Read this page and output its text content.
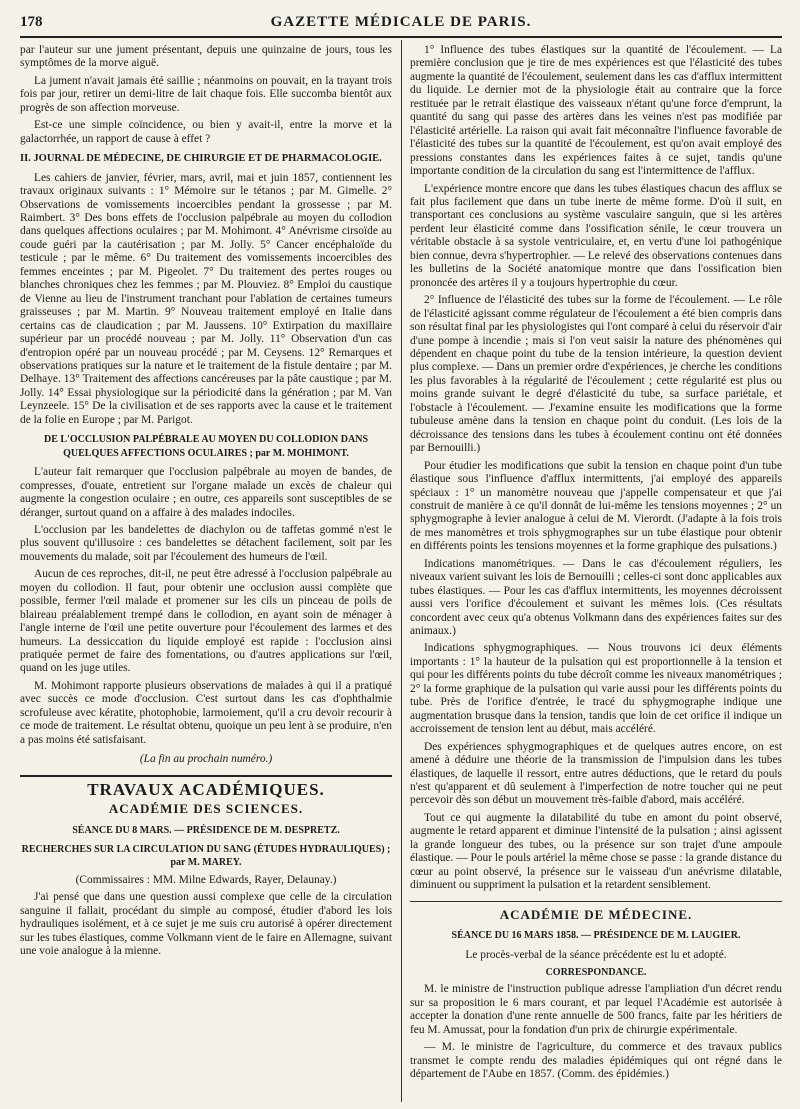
178	GAZETTE MÉDICALE DE PARIS.

par l'auteur sur une jument présentant, depuis une quinzaine de jours, tous les symptômes de la morve aiguë.

La jument n'avait jamais été saillie ; néanmoins on pouvait, en la trayant trois fois par jour, retirer un demi-litre de lait chaque fois. Elle succomba bientôt aux progrès de son affection morveuse.

Est-ce une simple coïncidence, ou bien y avait-il, entre la morve et la galactorrhée, un rapport de cause à effet ?

II. JOURNAL DE MÉDECINE, DE CHIRURGIE ET DE PHARMACOLOGIE.

Les cahiers de janvier, février, mars, avril, mai et juin 1857, contiennent les travaux originaux suivants : 1° Mémoire sur le tétanos ; par M. Gimelle. 2° Observations de vomissements incoercibles pendant la grossesse ; par M. Raimbert. 3° Des bons effets de l'occlusion palpébrale au moyen du collodion dans quelques affections oculaires ; par M. Mohimont. 4° Anévrisme cirsoïde au coude guéri par la cautérisation ; par M. Jolly. 5° Cancer encéphaloïde du testicule ; par le même. 6° Du traitement des vomissements incoercibles des femmes enceintes ; par M. Pigeolet. 7° Du traitement des pertes rouges ou blanches chroniques chez les femmes ; par M. Plouviez. 8° Emploi du caustique de Vienne au lieu de l'instrument tranchant pour l'ablation de certaines tumeurs graisseuses ; par M. Martin. 9° Nouveau traitement employé en Italie dans certains cas de claudication ; par M. Jaussens. 10° Extirpation du maxillaire supérieur par un procédé nouveau ; par M. Jolly. 11° Observation d'un cas d'entropion opéré par un nouveau procédé ; par M. Ceysens. 12° Remarques et observations pratiques sur la nature et le traitement de la fistule dentaire ; par M. Delhaye. 13° Traitement des affections cancéreuses par la pâte caustique ; par M. Jolly. 14° Essai physiologique sur la périodicité dans la génération ; par M. Van Leynzeele. 15° De la civilisation et de ses rapports avec la cause et le traitement de la folie en Europe ; par M. Parigot.

DE L'OCCLUSION PALPÉBRALE AU MOYEN DU COLLODION DANS QUELQUES AFFECTIONS OCULAIRES ; par M. MOHIMONT.

L'auteur fait remarquer que l'occlusion palpébrale au moyen de bandes, de compresses, d'ouate, entretient sur l'organe malade un excès de chaleur qui augmente la congestion oculaire ; en outre, ces appareils sont susceptibles de se déranger, surtout quand on a affaire à des malades indociles.

L'occlusion par les bandelettes de diachylon ou de taffetas gommé n'est le plus souvent qu'illusoire : ces bandelettes se détachent facilement, soit par les mouvements du malade, soit par l'écoulement des humeurs de l'œil.

Aucun de ces reproches, dit-il, ne peut être adressé à l'occlusion palpébrale au moyen du collodion. Il faut, pour obtenir une occlusion aussi complète que possible, fermer l'œil malade et promener sur les cils un pinceau de poils de blaireau préalablement trempé dans le collodion, en ayant soin de ménager à l'angle interne de l'œil une petite ouverture pour l'écoulement des larmes et des humeurs. La dessiccation du liquide employé est rapide : l'occlusion ainsi pratiquée permet de faire des fomentations, ou d'autres applications sur l'œil, quand on les juge utiles.

M. Mohimont rapporte plusieurs observations de malades à qui il a pratiqué avec succès ce mode d'occlusion. C'est surtout dans les cas d'ophthalmie scrofuleuse avec kératite, photophobie, larmoiement, qu'il a cru devoir recourir à ce mode de traitement. Le résultat obtenu, quoique un peu lent à se produire, n'en a pas moins été satisfaisant.

(La fin au prochain numéro.)
TRAVAUX ACADÉMIQUES.
ACADÉMIE DES SCIENCES.
SÉANCE DU 8 MARS. — PRÉSIDENCE DE M. DESPRETZ.
RECHERCHES SUR LA CIRCULATION DU SANG (ÉTUDES HYDRAULIQUES) ; par M. MAREY.
(Commissaires : MM. Milne Edwards, Rayer, Delaunay.)

J'ai pensé que dans une question aussi complexe que celle de la circulation sanguine il fallait, procédant du simple au composé, étudier d'abord les lois hydrauliques isolément, et à ce sujet je me suis cru autorisé à opérer directement sur les tubes élastiques, comme Volkmann vient de le faire en Allemagne, suivant une voie analogue à la mienne.

1° Influence des tubes élastiques sur la quantité de l'écoulement. — La première conclusion que je tire de mes expériences est que l'élasticité des tubes augmente la quantité de l'écoulement, seulement dans les cas d'afflux intermittent du liquide. Le dernier mot de la physiologie était au contraire que la force restituée par le retrait élastique des vaisseaux n'étant qu'une force d'emprunt, la quantité du sang qui passe des artères dans les veines n'est pas modifiée par l'élasticité artérielle. La raison qui avait fait méconnaître l'influence favorable de l'élasticité des tubes sur la quantité de l'écoulement, est qu'on avait employé des pressions constantes dans les expériences faites à ce sujet, tandis qu'une importante condition de la circulation du sang est l'intermittence de l'afflux.

L'expérience montre encore que dans les tubes élastiques chacun des afflux se fait plus facilement que dans un tube inerte de même forme. D'où il suit, en transportant ces conclusions au système vasculaire sanguin, que si les artères perdent leur élasticité comme dans l'ossification sénile, le cœur trouvera un véritable obstacle à sa systole ventriculaire, et, en vertu d'une loi pathogénique bien connue, devra s'hypertrophier. — Le relevé des observations contenues dans les bulletins de la Société anatomique montre que dans l'ossification bien prononcée des artères il y a toujours hypertrophie du cœur.

2° Influence de l'élasticité des tubes sur la forme de l'écoulement. — Le rôle de l'élasticité agissant comme régulateur de l'écoulement a été bien compris dans son résultat final par les physiologistes qui l'ont comparé à celui du réservoir d'air d'une pompe à incendie ; mais si l'on veut saisir la nature des phénomènes qui dépendent en chaque point du tube de la tension intérieure, la question devient plus complexe. — Dans un premier ordre d'expériences, je cherche les conditions les plus favorables à la régularité de l'écoulement ; cette régularité est plus ou moins grande suivant le degré d'élasticité du tube, sa surface pariétale, et l'obstacle à l'écoulement. — J'examine ensuite les modifications que la forme tubuleuse amène dans la tension en chaque point du conduit. (Les lois de la décroissance des tensions dans les tubes à écoulement continu ont été données par Bernouilli.)

Pour étudier les modifications que subit la tension en chaque point d'un tube élastique sous l'influence d'afflux intermittents, j'ai employé des appareils spéciaux : 1° un manomètre nouveau que j'appelle compensateur et que j'ai construit de manière à ce qu'il donnât de lui-même les tensions moyennes ; 2° un sphygmographe à levier analogue à celui de M. Vierordt. (J'adapte à la fois trois de mes manomètres et trois sphygmographes sur un tube élastique pour obtenir en différents points les tensions moyennes et la forme graphique des pulsations.)

Indications manométriques. — Dans le cas d'écoulement réguliers, les niveaux varient suivant les lois de Bernouilli ; celles-ci sont donc applicables aux tubes élastiques. — Pour les cas d'afflux intermittents, les moyennes décroissent aussi vers l'orifice d'écoulement et suivant les mêmes lois. (Ces résultats concordent avec ceux qu'a obtenus Volkmann dans des expériences faites sur des animaux.)

Indications sphygmographiques. — Nous trouvons ici deux éléments importants : 1° la hauteur de la pulsation qui est proportionnelle à la tension et qui pour les différents points du tube décroît comme les niveaux manométriques ; 2° la forme graphique de la pulsation qui varie aussi pour les différents points du tube. Près de l'orifice d'entrée, le tracé du sphygmographe indique une augmentation brusque dans la tension, tandis que loin de cet orifice il indique un accroissement de tension lent au début, mais accéléré.

Des expériences sphygmographiques et de quelques autres encore, on est amené à déduire une théorie de la transmission de l'impulsion dans les tubes élastiques, de laquelle il ressort, entre autres déductions, que le retard du pouls n'est qu'apparent et dû seulement à l'imperfection de notre toucher qui ne peut percevoir dès son début un mouvement très-faible d'abord, mais accéléré.

Tout ce qui augmente la dilatabilité du tube en amont du point observé, augmente le retard apparent et diminue l'intensité de la pulsation ; ainsi agissent la grande longueur des tubes, ou la présence sur son trajet d'une ampoule élastique. — Pour le pouls artériel la même chose se passe : la grande distance du cœur au point observé, la présence sur le vaisseau d'un anévrisme dilatable, diminuent ou suppriment la pulsation et la retardent sensiblement.

ACADÉMIE DE MÉDECINE.
SÉANCE DU 16 MARS 1858. — PRÉSIDENCE DE M. LAUGIER.
Le procès-verbal de la séance précédente est lu et adopté.
CORRESPONDANCE.

M. le ministre de l'instruction publique adresse l'ampliation d'un décret rendu sur sa proposition le 6 mars courant, et par lequel l'Académie est autorisée à accepter la donation d'une rente annuelle de 500 francs, faite par les héritiers de feu M. Amussat, pour la fondation d'un prix de chirurgie expérimentale.

— M. le ministre de l'agriculture, du commerce et des travaux publics transmet le compte rendu des maladies épidémiques qui ont régné dans le département de l'Aube en 1857. (Comm. des épidémies.)
